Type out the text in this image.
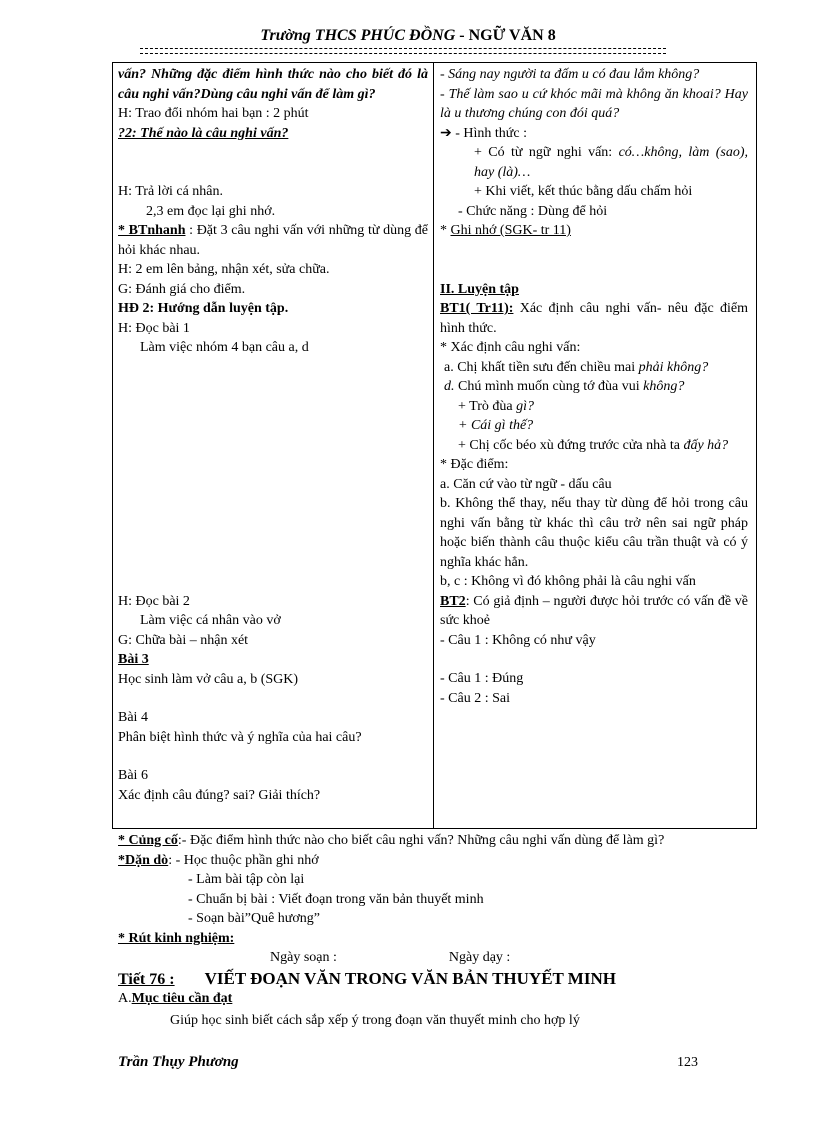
Trường THCS PHÚC ĐỒNG - NGỮ VĂN 8

vấn? Những đặc điểm hình thức nào cho biết đó là câu nghi vấn?Dùng câu nghi vấn để làm gì?

H: Trao đổi nhóm hai bạn : 2 phút

?2: Thế nào là câu nghi vấn?

H: Trả lời cá nhân.

2,3 em đọc lại ghi nhớ.

* BTnhanh : Đặt 3 câu nghi vấn với những từ dùng để hỏi khác nhau.

H: 2 em lên bảng, nhận xét, sửa chữa.

G: Đánh giá cho điểm.

HĐ 2: Hướng dẫn luyện tập.

H: Đọc bài 1

Làm việc nhóm 4 bạn câu a, d

H: Đọc bài 2

Làm việc cá nhân vào vở

G: Chữa bài – nhận xét

Bài 3

Học sinh làm vở câu a, b (SGK)

Bài 4

Phân biệt hình thức và ý nghĩa của hai câu?

Bài 6

Xác định câu đúng? sai? Giải thích?

- Sáng nay người ta đấm u có đau lắm không?

- Thế làm sao u cứ khóc mãi mà không ăn khoai? Hay là u thương chúng con đói quá?

➔ - Hình thức :

+ Có từ ngữ nghi vấn: có…không, làm (sao), hay (là)…

+ Khi viết, kết thúc bằng dấu chấm hỏi

- Chức năng : Dùng để hỏi

* Ghi nhớ (SGK- tr 11)

II. Luyện tập

BT1( Tr11): Xác định câu nghi vấn- nêu đặc điểm hình thức.

* Xác định câu nghi vấn:

a. Chị khất tiền sưu đến chiều mai phải không?

d. Chú mình muốn cùng tớ đùa vui không?

+ Trò đùa gì?

+ Cái gì thế?

+ Chị cốc béo xù đứng trước cửa nhà ta đấy hả?

* Đặc điểm:

a. Căn cứ vào từ ngữ - dấu câu

b. Không thể thay, nếu thay từ dùng để hỏi trong câu nghi vấn bằng từ khác thì câu trở nên sai ngữ pháp hoặc biến thành câu thuộc kiểu câu trần thuật và có ý nghĩa khác hẳn.

b, c : Không vì đó không phải là câu nghi vấn

BT2: Có giả định – người được hỏi trước có vấn đề về sức khoẻ

- Câu 1 : Không có như vậy

- Câu 1 : Đúng

- Câu 2 : Sai

* Củng cố:- Đặc điểm hình thức nào cho biết câu nghi vấn? Những câu nghi vấn dùng để làm gì?

*Dặn dò: - Học thuộc phần ghi nhớ

- Làm bài tập còn lại

- Chuẩn bị bài : Viết đoạn trong văn bản thuyết minh

- Soạn bài”Quê hương”

* Rút kinh nghiệm:

Ngày soạn :	Ngày dạy :

Tiết 76 : VIẾT ĐOẠN VĂN TRONG VĂN BẢN THUYẾT MINH

A.Mục tiêu cần đạt

Giúp học sinh biết cách sắp xếp ý trong đoạn văn thuyết minh cho hợp lý

Trần Thụy Phương	123
